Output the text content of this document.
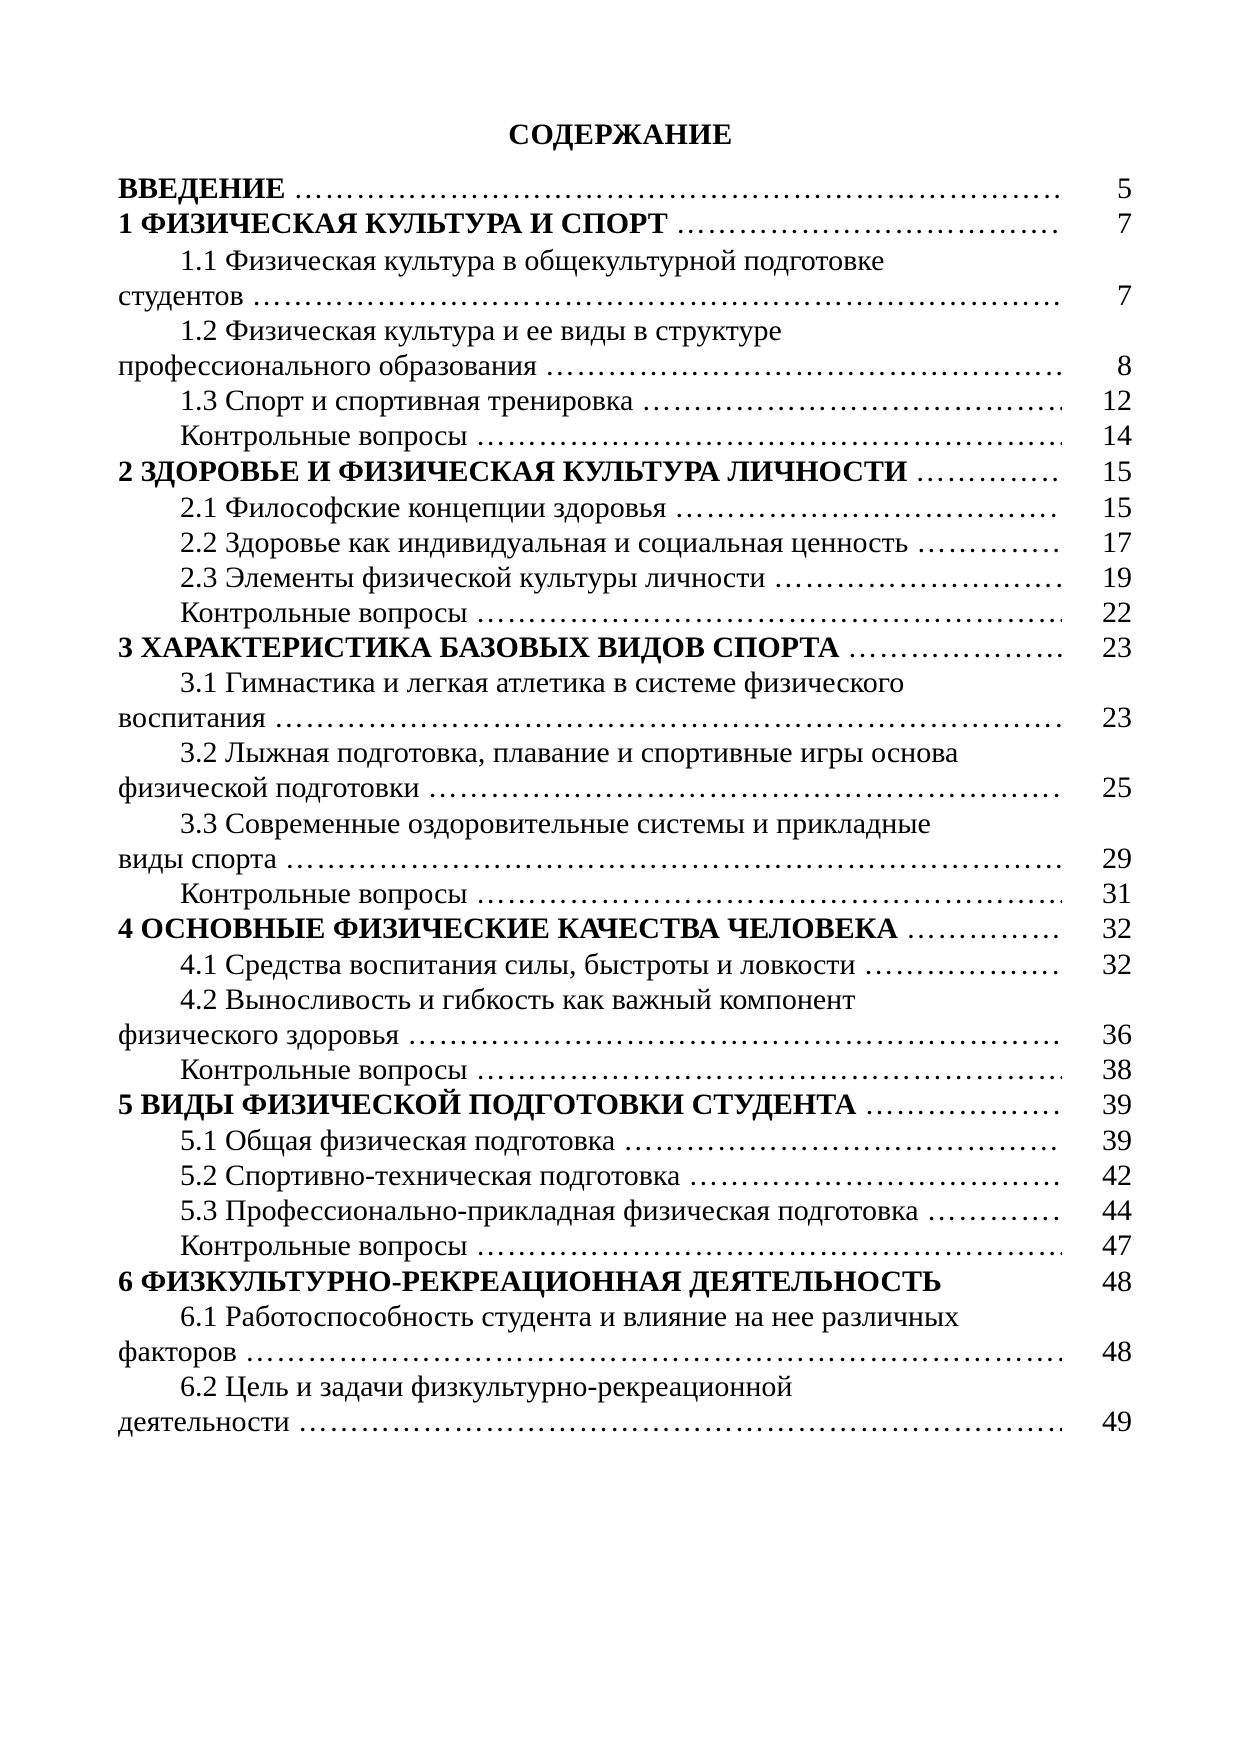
СОДЕРЖАНИЕ
ВВЕДЕНИЕ …………………………………………………………………………………………………………………………………………………………………	5
1 ФИЗИЧЕСКАЯ КУЛЬТУРА И СПОРТ …………………………………………………………………………………………………………………………………………………………………	7
1.1 Физическая культура в общекультурной подготовке
студентов …………………………………………………………………………………………………………………………………………………………………	7
1.2 Физическая культура и ее виды в структуре
профессионального образования …………………………………………………………………………………………………………………………………………………………………	8
1.3 Спорт и спортивная тренировка …………………………………………………………………………………………………………………………………………………………………	12
Контрольные вопросы …………………………………………………………………………………………………………………………………………………………………	14
2 ЗДОРОВЬЕ И ФИЗИЧЕСКАЯ КУЛЬТУРА ЛИЧНОСТИ …………………………………………………………………………………………………………………………………………………………………	15
2.1 Философские концепции здоровья …………………………………………………………………………………………………………………………………………………………………	15
2.2 Здоровье как индивидуальная и социальная ценность …………………………………………………………………………………………………………………………………………………………………	17
2.3 Элементы физической культуры личности …………………………………………………………………………………………………………………………………………………………………	19
Контрольные вопросы …………………………………………………………………………………………………………………………………………………………………	22
3 ХАРАКТЕРИСТИКА БАЗОВЫХ ВИДОВ СПОРТА …………………………………………………………………………………………………………………………………………………………………	23
3.1 Гимнастика и легкая атлетика в системе физического
воспитания …………………………………………………………………………………………………………………………………………………………………	23
3.2 Лыжная подготовка, плавание и спортивные игры основа
физической подготовки …………………………………………………………………………………………………………………………………………………………………	25
3.3 Современные оздоровительные системы и прикладные
виды спорта …………………………………………………………………………………………………………………………………………………………………	29
Контрольные вопросы …………………………………………………………………………………………………………………………………………………………………	31
4 ОСНОВНЫЕ ФИЗИЧЕСКИЕ КАЧЕСТВА ЧЕЛОВЕКА …………………………………………………………………………………………………………………………………………………………………	32
4.1 Средства воспитания силы, быстроты и ловкости …………………………………………………………………………………………………………………………………………………………………	32
4.2 Выносливость и гибкость как важный компонент
физического здоровья …………………………………………………………………………………………………………………………………………………………………	36
Контрольные вопросы …………………………………………………………………………………………………………………………………………………………………	38
5 ВИДЫ ФИЗИЧЕСКОЙ ПОДГОТОВКИ СТУДЕНТА …………………………………………………………………………………………………………………………………………………………………	39
5.1 Общая физическая подготовка …………………………………………………………………………………………………………………………………………………………………	39
5.2 Спортивно-техническая подготовка …………………………………………………………………………………………………………………………………………………………………	42
5.3 Профессионально-прикладная физическая подготовка …………………………………………………………………………………………………………………………………………………………………	44
Контрольные вопросы …………………………………………………………………………………………………………………………………………………………………	47
6 ФИЗКУЛЬТУРНО-РЕКРЕАЦИОННАЯ ДЕЯТЕЛЬНОСТЬ	48
6.1 Работоспособность студента и влияние на нее различных
факторов …………………………………………………………………………………………………………………………………………………………………	48
6.2 Цель и задачи физкультурно-рекреационной
деятельности …………………………………………………………………………………………………………………………………………………………………	49
